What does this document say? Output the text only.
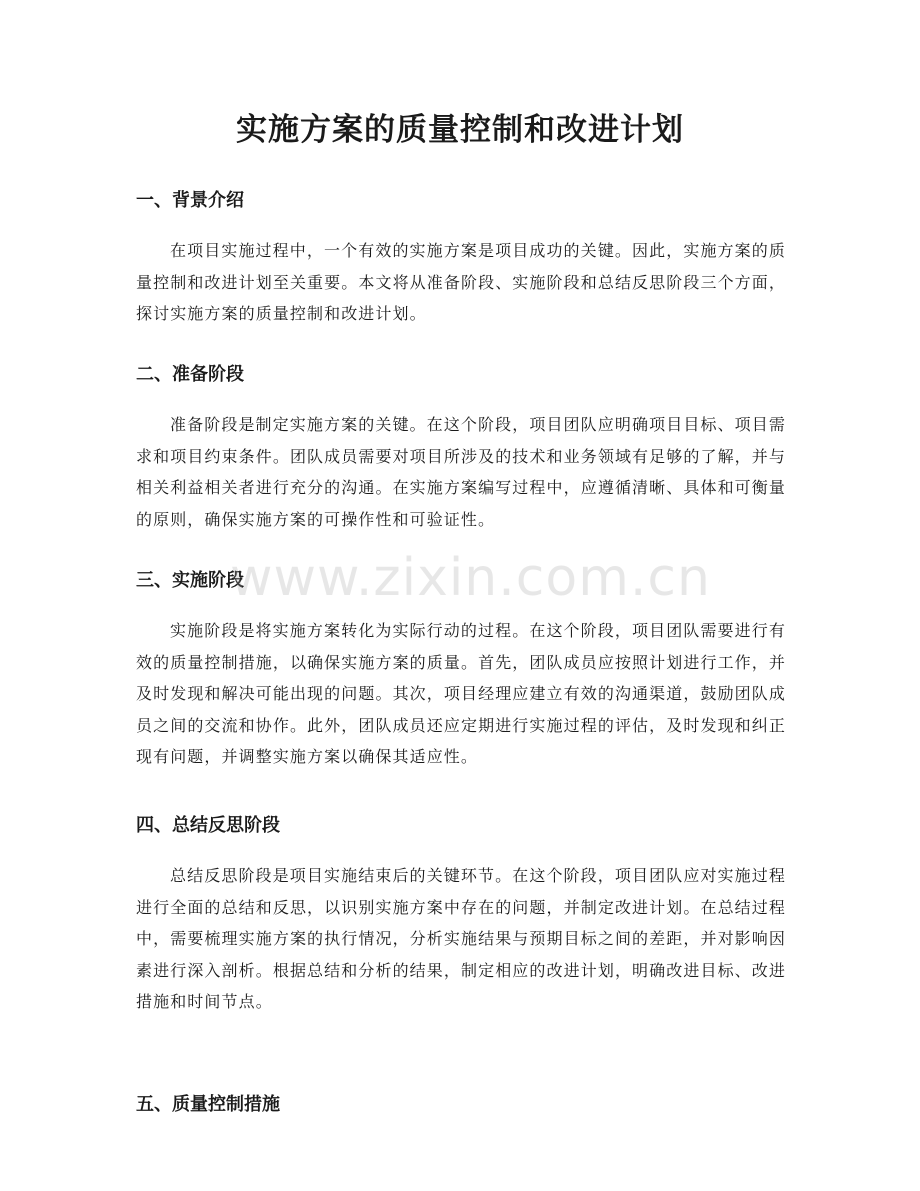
实施方案的质量控制和改进计划
一、背景介绍

在项目实施过程中，一个有效的实施方案是项目成功的关键。因此，实施方案的质量控制和改进计划至关重要。本文将从准备阶段、实施阶段和总结反思阶段三个方面，探讨实施方案的质量控制和改进计划。

二、准备阶段

准备阶段是制定实施方案的关键。在这个阶段，项目团队应明确项目目标、项目需求和项目约束条件。团队成员需要对项目所涉及的技术和业务领域有足够的了解，并与相关利益相关者进行充分的沟通。在实施方案编写过程中，应遵循清晰、具体和可衡量的原则，确保实施方案的可操作性和可验证性。

三、实施阶段

实施阶段是将实施方案转化为实际行动的过程。在这个阶段，项目团队需要进行有效的质量控制措施，以确保实施方案的质量。首先，团队成员应按照计划进行工作，并及时发现和解决可能出现的问题。其次，项目经理应建立有效的沟通渠道，鼓励团队成员之间的交流和协作。此外，团队成员还应定期进行实施过程的评估，及时发现和纠正现有问题，并调整实施方案以确保其适应性。

四、总结反思阶段

总结反思阶段是项目实施结束后的关键环节。在这个阶段，项目团队应对实施过程进行全面的总结和反思，以识别实施方案中存在的问题，并制定改进计划。在总结过程中，需要梳理实施方案的执行情况，分析实施结果与预期目标之间的差距，并对影响因素进行深入剖析。根据总结和分析的结果，制定相应的改进计划，明确改进目标、改进措施和时间节点。

五、质量控制措施
www.zixin.com.cn
